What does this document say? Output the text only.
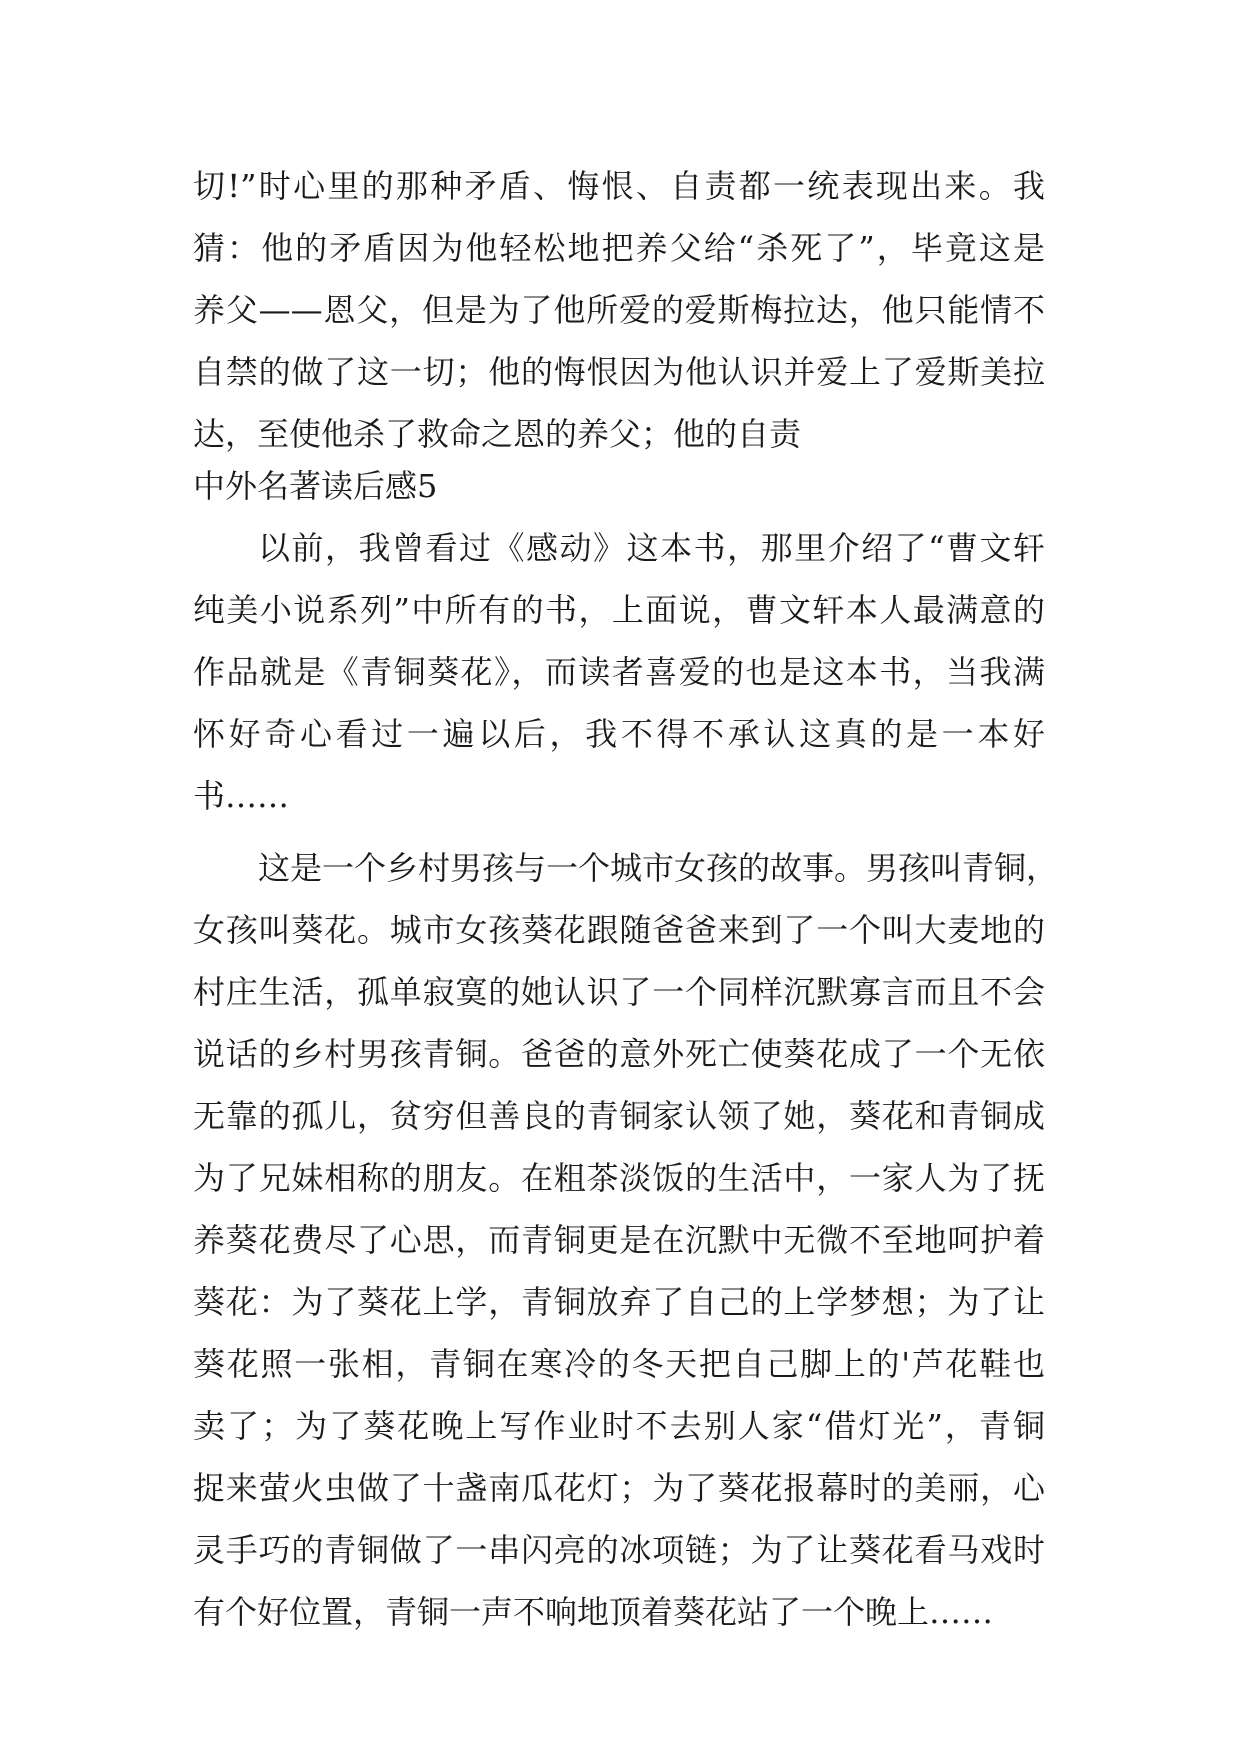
切!”时心里的那种矛盾、悔恨、自责都一统表现出来。我
猜：他的矛盾因为他轻松地把养父给“杀死了”，毕竟这是
养父——恩父，但是为了他所爱的爱斯梅拉达，他只能情不
自禁的做了这一切；他的悔恨因为他认识并爱上了爱斯美拉
达，至使他杀了救命之恩的养父；他的自责
中外名著读后感5
以前，我曾看过《感动》这本书，那里介绍了“曹文轩
纯美小说系列”中所有的书，上面说，曹文轩本人最满意的
作品就是《青铜葵花》，而读者喜爱的也是这本书，当我满
怀好奇心看过一遍以后，我不得不承认这真的是一本好
书……
这是一个乡村男孩与一个城市女孩的故事。男孩叫青铜，
女孩叫葵花。城市女孩葵花跟随爸爸来到了一个叫大麦地的
村庄生活，孤单寂寞的她认识了一个同样沉默寡言而且不会
说话的乡村男孩青铜。爸爸的意外死亡使葵花成了一个无依
无靠的孤儿，贫穷但善良的青铜家认领了她，葵花和青铜成
为了兄妹相称的朋友。在粗茶淡饭的生活中，一家人为了抚
养葵花费尽了心思，而青铜更是在沉默中无微不至地呵护着
葵花：为了葵花上学，青铜放弃了自己的上学梦想；为了让
葵花照一张相，青铜在寒冷的冬天把自己脚上的'芦花鞋也
卖了；为了葵花晚上写作业时不去别人家“借灯光”，青铜
捉来萤火虫做了十盏南瓜花灯；为了葵花报幕时的美丽，心
灵手巧的青铜做了一串闪亮的冰项链；为了让葵花看马戏时
有个好位置，青铜一声不响地顶着葵花站了一个晚上……
